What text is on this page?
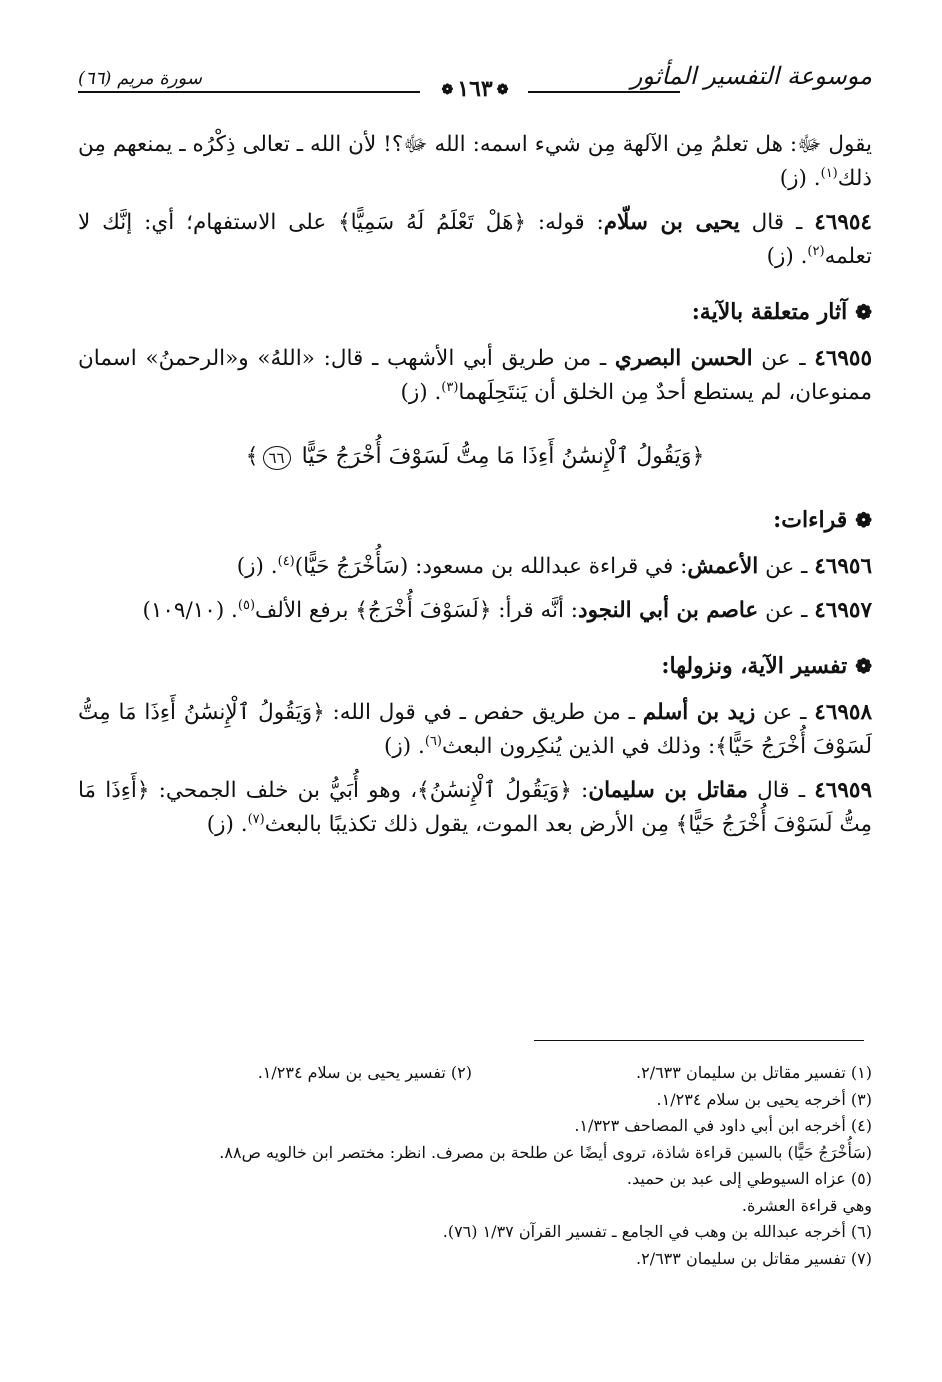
موسوعة التفسير المأثور
❁ ١٦٣ ❁
سورة مريم (٦٦)

يقول ﷻ: هل تعلمُ مِن الآلهة مِن شيء اسمه: الله ﷻ؟! لأن الله ـ تعالى ذِكْرُه ـ يمنعهم مِن ذلك$^{(١)}$. (ز)

٤٦٩٥٤ ـ قال يحيى بن سلّام: قوله: ﴿هَلْ تَعْلَمُ لَهُ سَمِيًّا﴾ على الاستفهام؛ أي: إنَّك لا تعلمه$^{(٢)}$. (ز)

❁آثار متعلقة بالآية:

٤٦٩٥٥ ـ عن الحسن البصري ـ من طريق أبي الأشهب ـ قال: «اللهُ» و«الرحمنُ» اسمان ممنوعان، لم يستطع أحدٌ مِن الخلق أن يَنتَحِلَهما$^{(٣)}$. (ز)

﴿وَيَقُولُ ٱلْإِنسَٰنُ أَءِذَا مَا مِتُّ لَسَوْفَ أُخْرَجُ حَيًّا ٦٦﴾
❁قراءات:

٤٦٩٥٦ ـ عن الأعمش: في قراءة عبدالله بن مسعود: (سَأُخْرَجُ حَيًّا)$^{(٤)}$. (ز)

٤٦٩٥٧ ـ عن عاصم بن أبي النجود: أنَّه قرأ: ﴿لَسَوْفَ أُخْرَجُ﴾ برفع الألف$^{(٥)}$. (١٠٩/١٠)

❁تفسير الآية، ونزولها:

٤٦٩٥٨ ـ عن زيد بن أسلم ـ من طريق حفص ـ في قول الله: ﴿وَيَقُولُ ٱلْإِنسَٰنُ أَءِذَا مَا مِتُّ لَسَوْفَ أُخْرَجُ حَيًّا﴾: وذلك في الذين يُنكِرون البعث$^{(٦)}$. (ز)

٤٦٩٥٩ ـ قال مقاتل بن سليمان: ﴿وَيَقُولُ ٱلْإِنسَٰنُ﴾، وهو أُبَيُّ بن خلف الجمحي: ﴿أَءِذَا مَا مِتُّ لَسَوْفَ أُخْرَجُ حَيًّا﴾ مِن الأرض بعد الموت، يقول ذلك تكذيبًا بالبعث$^{(٧)}$. (ز)

(١) تفسير مقاتل بن سليمان ٢/٦٣٣.
(٢) تفسير يحيى بن سلام ١/٢٣٤.
(٣) أخرجه يحيى بن سلام ١/٢٣٤.
(٤) أخرجه ابن أبي داود في المصاحف ١/٣٢٣.
(سَأُخْرَجُ حَيًّا) بالسين قراءة شاذة، تروى أيضًا عن طلحة بن مصرف. انظر: مختصر ابن خالويه ص٨٨.
(٥) عزاه السيوطي إلى عبد بن حميد.
وهي قراءة العشرة.
(٦) أخرجه عبدالله بن وهب في الجامع ـ تفسير القرآن ١/٣٧ (٧٦).
(٧) تفسير مقاتل بن سليمان ٢/٦٣٣.
